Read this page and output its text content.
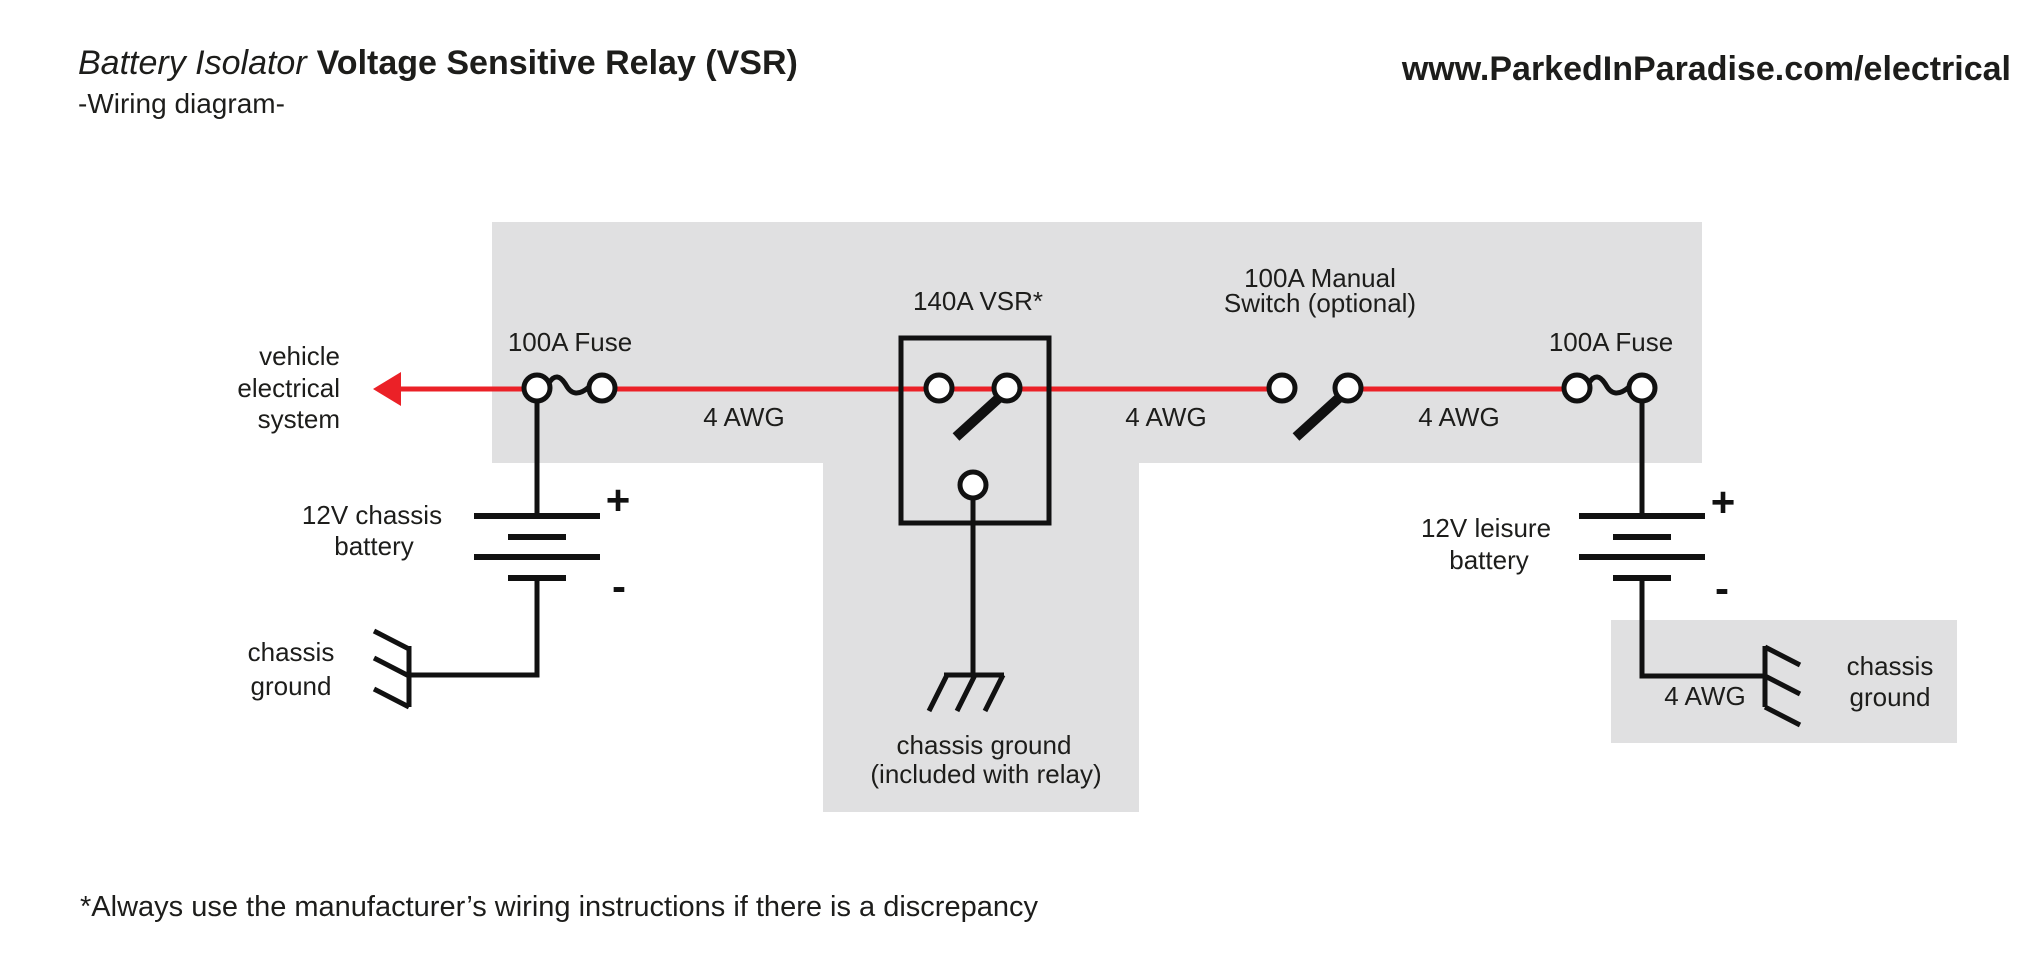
Battery Isolator Voltage Sensitive Relay (VSR)
-Wiring diagram-
www.ParkedInParadise.com/electrical
+
-
+
-
vehicle
electrical
system
100A Fuse
140A VSR*
100A Manual
Switch (optional)
100A Fuse
4 AWG	4 AWG	4 AWG
4 AWG
12V chassis
battery
12V leisure
battery
chassis
ground
chassis ground
(included with relay)
chassis
ground
*Always use the manufacturer’s wiring instructions if there is a discrepancy
